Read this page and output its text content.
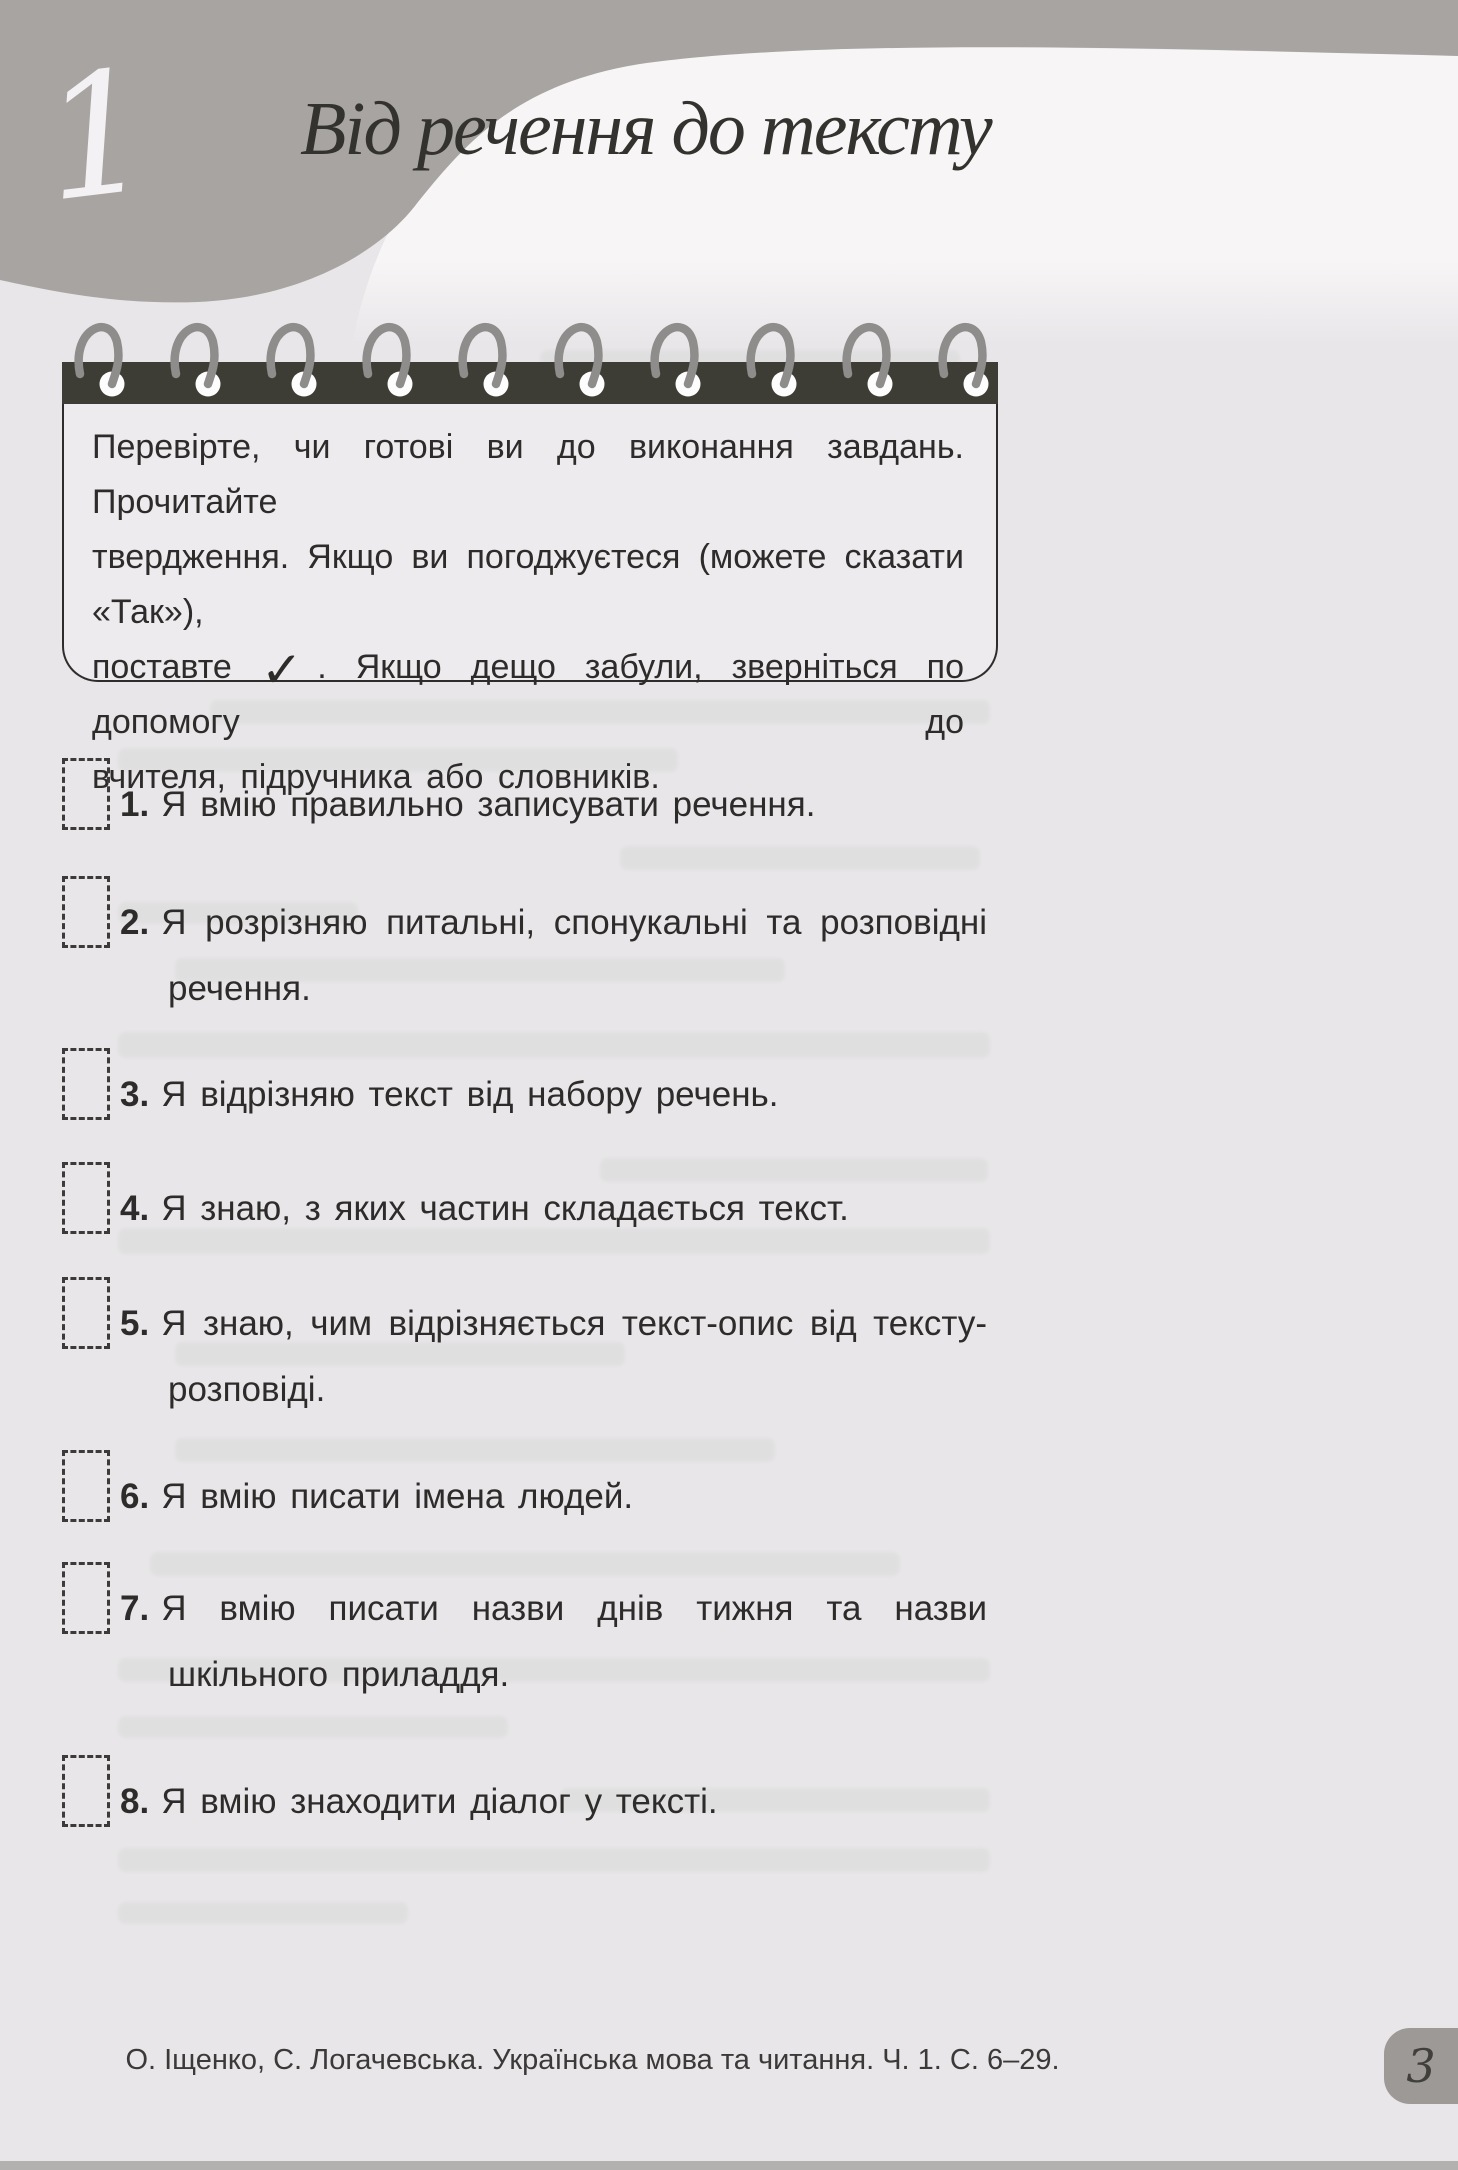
1 Від речення до тексту
Перевірте, чи готові ви до виконання завдань. Прочитайте
твердження. Якщо ви погоджуєтеся (можете сказати «Так»),
поставте ✓. Якщо дещо забули, зверніться по допомогу до
вчителя, підручника або словників.
1. Я вмію правильно записувати речення.
2. Я розрізняю питальні, спонукальні та розповідні
речення.
3. Я відрізняю текст від набору речень.
4. Я знаю, з яких частин складається текст.
5. Я знаю, чим відрізняється текст-опис від тексту-
розповіді.
6. Я вмію писати імена людей.
7. Я вмію писати назви днів тижня та назви
шкільного приладдя.
8. Я вмію знаходити діалог у тексті.
О. Іщенко, С. Логачевська. Українська мова та читання. Ч. 1. С. 6–29.	3
